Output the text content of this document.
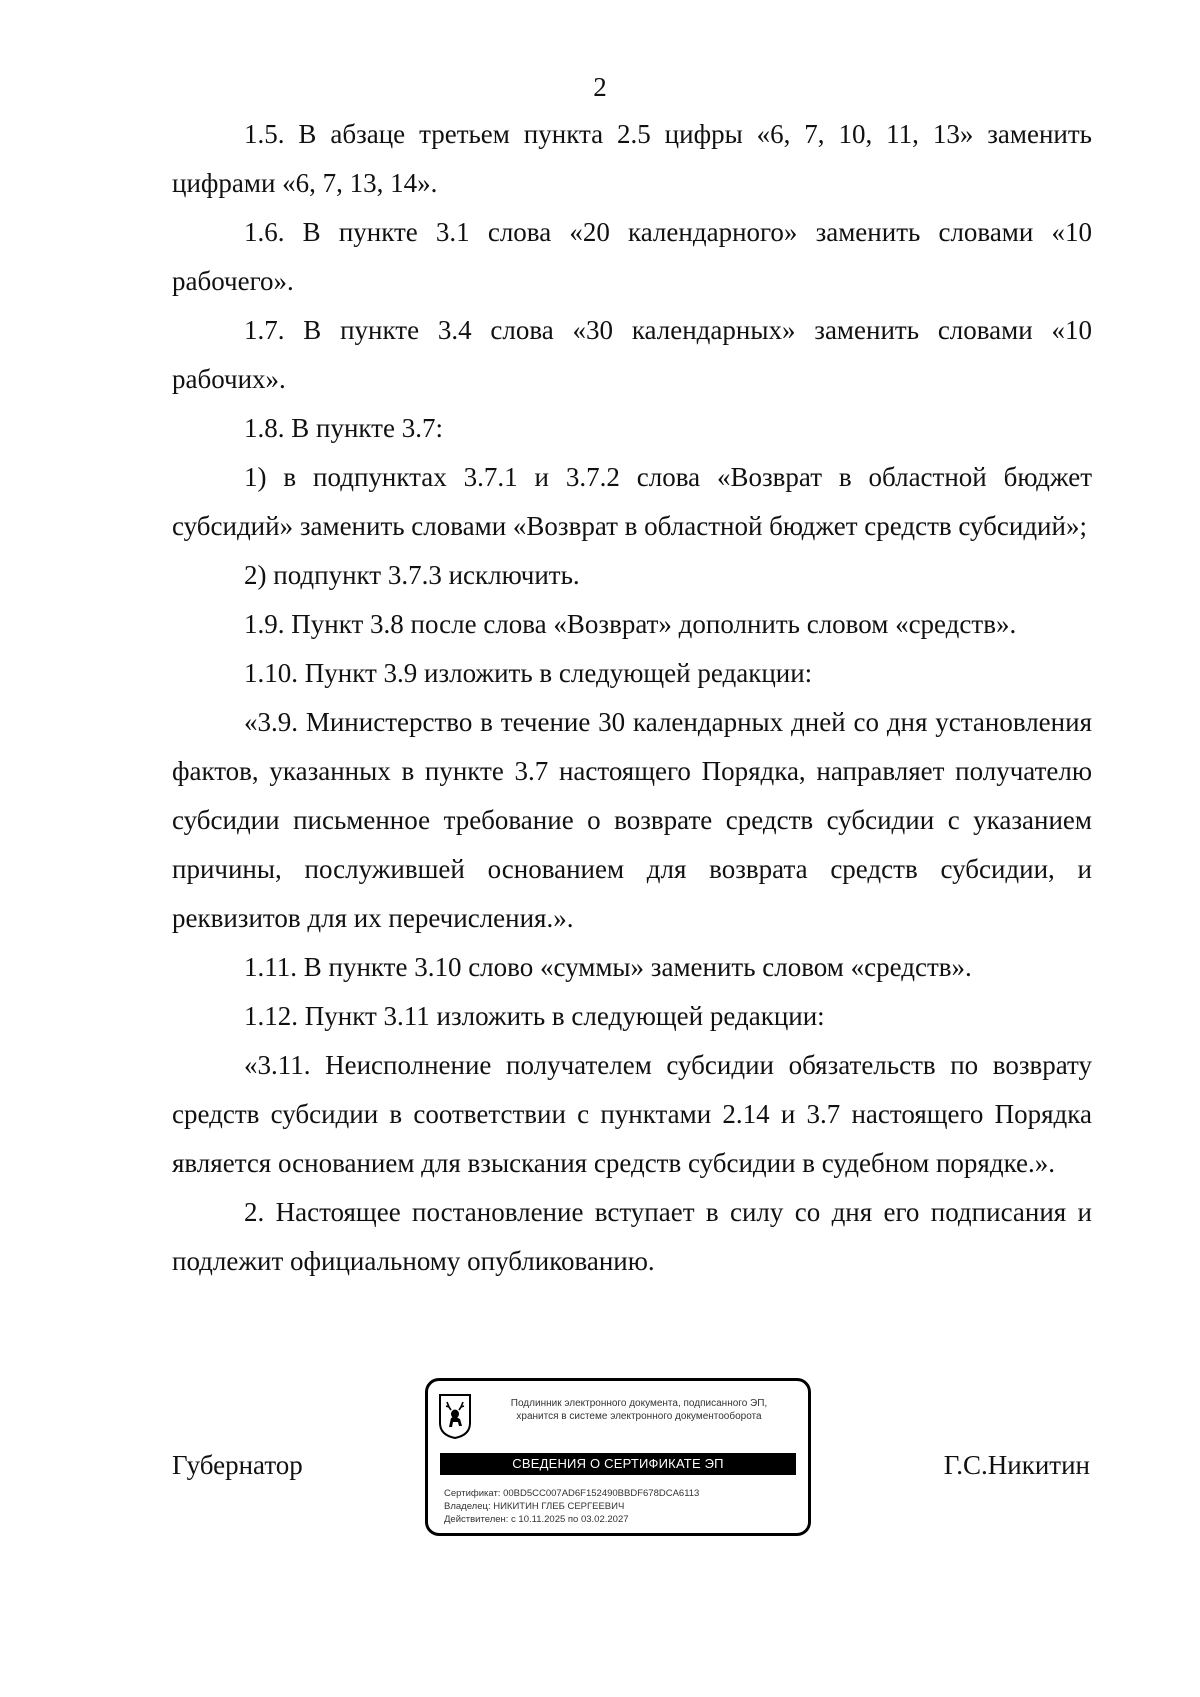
2

1.5. В абзаце третьем пункта 2.5 цифры «6, 7, 10, 11, 13» заменить цифрами «6, 7, 13, 14».

1.6. В пункте 3.1 слова «20 календарного» заменить словами «10 рабочего».

1.7. В пункте 3.4 слова «30 календарных» заменить словами «10 рабочих».

1.8. В пункте 3.7:

1) в подпунктах 3.7.1 и 3.7.2 слова «Возврат в областной бюджет субсидий» заменить словами «Возврат в областной бюджет средств субсидий»;

2) подпункт 3.7.3 исключить.

1.9. Пункт 3.8 после слова «Возврат» дополнить словом «средств».

1.10. Пункт 3.9 изложить в следующей редакции:

«3.9. Министерство в течение 30 календарных дней со дня установления фактов, указанных в пункте 3.7 настоящего Порядка, направляет получателю субсидии письменное требование о возврате средств субсидии с указанием причины, послужившей основанием для возврата средств субсидии, и реквизитов для их перечисления.».

1.11. В пункте 3.10 слово «суммы» заменить словом «средств».

1.12. Пункт 3.11 изложить в следующей редакции:

«3.11. Неисполнение получателем субсидии обязательств по возврату средств субсидии в соответствии с пунктами 2.14 и 3.7 настоящего Порядка является основанием для взыскания средств субсидии в судебном порядке.».

2. Настоящее постановление вступает в силу со дня его подписания и подлежит официальному опубликованию.

Губернатор
Подлинник электронного документа, подписанного ЭП,
хранится в системе электронного документооборота
СВЕДЕНИЯ О СЕРТИФИКАТЕ ЭП
Сертификат: 00BD5CC007AD6F152490BBDF678DCA6113
Владелец: НИКИТИН ГЛЕБ СЕРГЕЕВИЧ
Действителен: с 10.11.2025 по 03.02.2027
Г.С.Никитин
